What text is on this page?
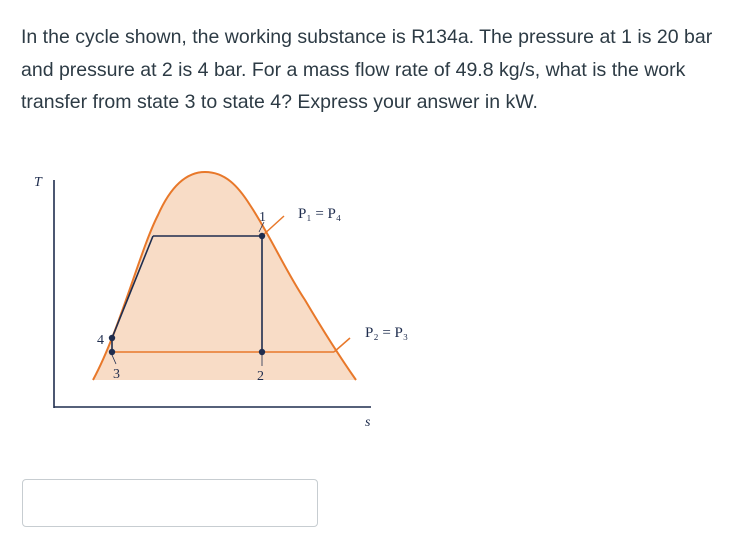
In the cycle shown, the working substance is R134a. The pressure at 1 is 20 bar and pressure at 2 is 4 bar. For a mass flow rate of 49.8 kg/s, what is the work transfer from state 3 to state 4? Express your answer in kW.

1
2
3
4
P₁ = P₄
P₂ = P₃
T
s
